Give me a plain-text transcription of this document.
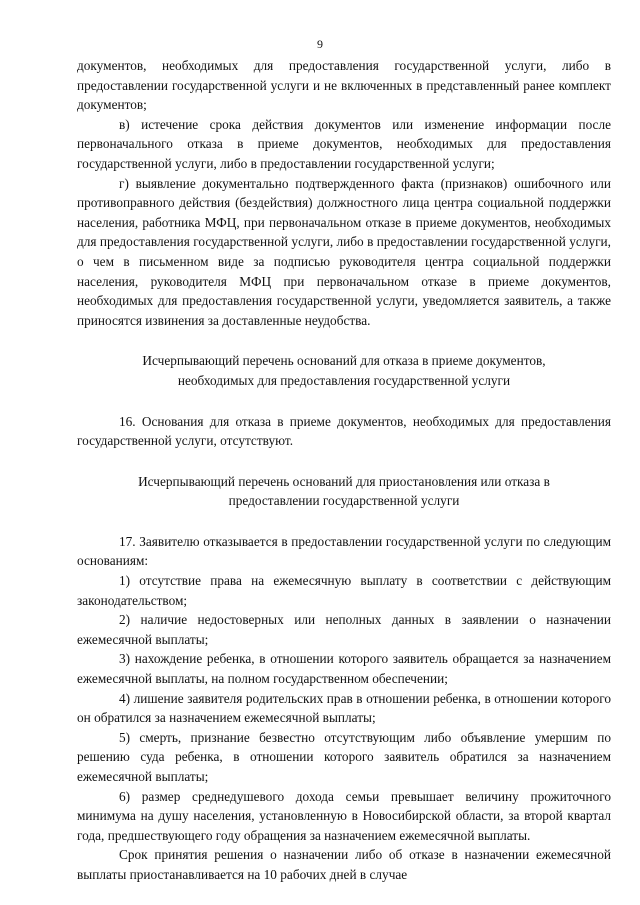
9

документов, необходимых для предоставления государственной услуги, либо в предоставлении государственной услуги и не включенных в представленный ранее комплект документов;

в) истечение срока действия документов или изменение информации после первоначального отказа в приеме документов, необходимых для предоставления государственной услуги, либо в предоставлении государственной услуги;

г) выявление документально подтвержденного факта (признаков) ошибочного или противоправного действия (бездействия) должностного лица центра социальной поддержки населения, работника МФЦ, при первоначальном отказе в приеме документов, необходимых для предоставления государственной услуги, либо в предоставлении государственной услуги, о чем в письменном виде за подписью руководителя центра социальной поддержки населения, руководителя МФЦ при первоначальном отказе в приеме документов, необходимых для предоставления государственной услуги, уведомляется заявитель, а также приносятся извинения за доставленные неудобства.

Исчерпывающий перечень оснований для отказа в приеме документов, необходимых для предоставления государственной услуги

16. Основания для отказа в приеме документов, необходимых для предоставления государственной услуги, отсутствуют.

Исчерпывающий перечень оснований для приостановления или отказа в предоставлении государственной услуги

17. Заявителю отказывается в предоставлении государственной услуги по следующим основаниям:

1) отсутствие права на ежемесячную выплату в соответствии с действующим законодательством;

2) наличие недостоверных или неполных данных в заявлении о назначении ежемесячной выплаты;

3) нахождение ребенка, в отношении которого заявитель обращается за назначением ежемесячной выплаты, на полном государственном обеспечении;

4) лишение заявителя родительских прав в отношении ребенка, в отношении которого он обратился за назначением ежемесячной выплаты;

5) смерть, признание безвестно отсутствующим либо объявление умершим по решению суда ребенка, в отношении которого заявитель обратился за назначением ежемесячной выплаты;

6) размер среднедушевого дохода семьи превышает величину прожиточного минимума на душу населения, установленную в Новосибирской области, за второй квартал года, предшествующего году обращения за назначением ежемесячной выплаты.

Срок принятия решения о назначении либо об отказе в назначении ежемесячной выплаты приостанавливается на 10 рабочих дней в случае
